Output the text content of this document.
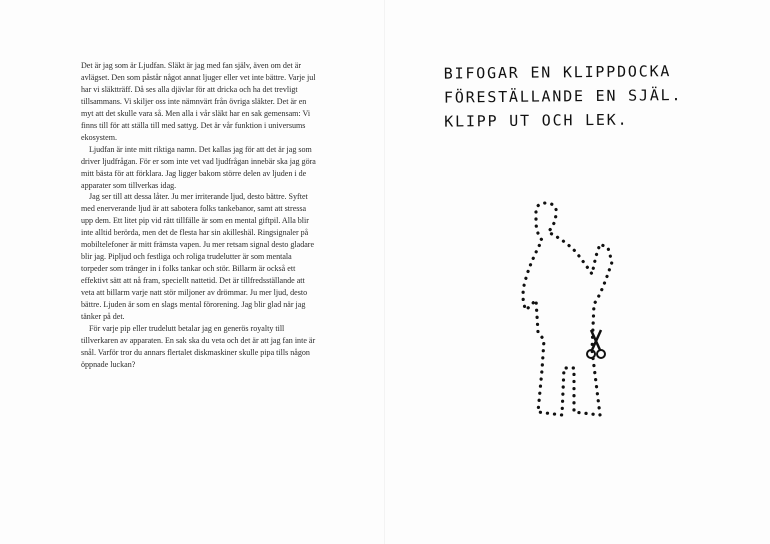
Det är jag som är Ljudfan. Släkt är jag med fan själv, även om det är avlägset. Den som påstår något annat ljuger eller vet inte bättre. Varje jul har vi släktträff. Då ses alla djävlar för att dricka och ha det trevligt tillsammans. Vi skiljer oss inte nämnvärt från övriga släkter. Det är en myt att det skulle vara så. Men alla i vår släkt har en sak gemensam: Vi finns till för att ställa till med sattyg. Det är vår funktion i universums ekosystem.

Ljudfan är inte mitt riktiga namn. Det kallas jag för att det är jag som driver ljudfrågan. För er som inte vet vad ljudfrågan innebär ska jag göra mitt bästa för att förklara. Jag ligger bakom större delen av ljuden i de apparater som tillverkas idag.

Jag ser till att dessa låter. Ju mer irriterande ljud, desto bättre. Syftet med enerverande ljud är att sabotera folks tankebanor, samt att stressa upp dem. Ett litet pip vid rätt tillfälle är som en mental giftpil. Alla blir inte alltid berörda, men det de flesta har sin akilleshäl. Ringsignaler på mobiltelefoner är mitt främsta vapen. Ju mer retsam signal desto gladare blir jag. Pipljud och festliga och roliga trudelutter är som mentala torpeder som tränger in i folks tankar och stör. Billarm är också ett effektivt sätt att nå fram, speciellt nattetid. Det är tillfredsställande att veta att billarm varje natt stör miljoner av drömmar. Ju mer ljud, desto bättre. Ljuden är som en slags mental förorening. Jag blir glad när jag tänker på det.

För varje pip eller trudelutt betalar jag en generös royalty till tillverkaren av apparaten. En sak ska du veta och det är att jag fan inte är snål. Varför tror du annars flertalet diskmaskiner skulle pipa tills någon öppnade luckan?

BIFOGAR EN KLIPPDOCKA
FÖRESTÄLLANDE EN SJÄL.
KLIPP UT OCH LEK.
